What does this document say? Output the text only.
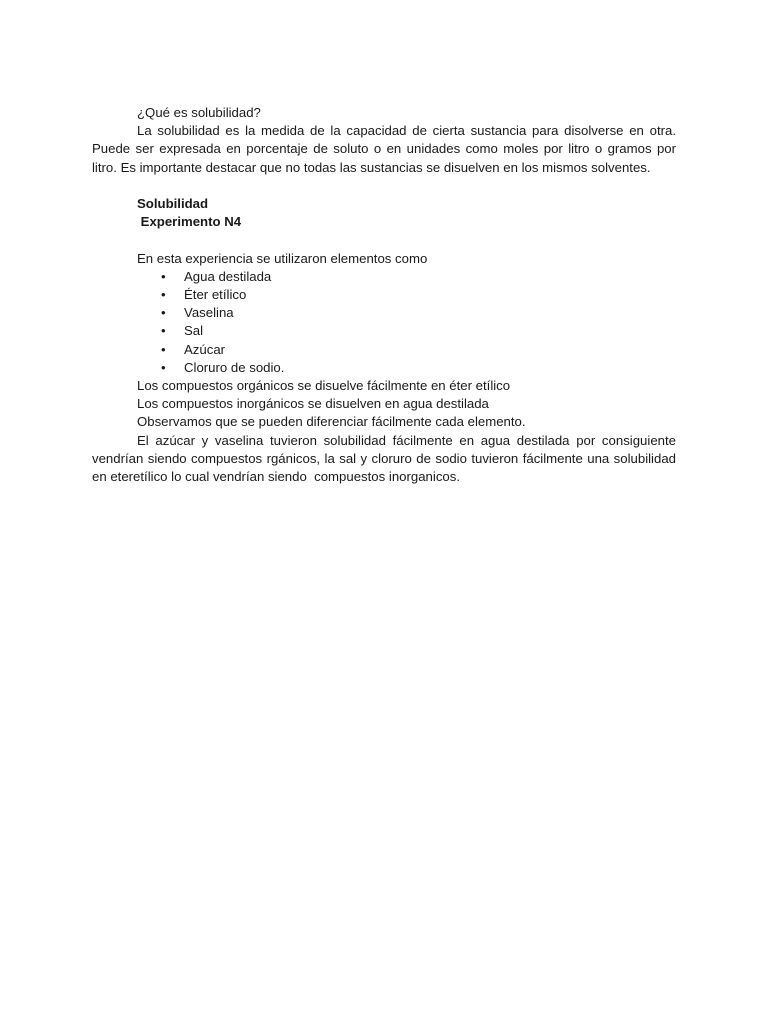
¿Qué es solubilidad?

La solubilidad es la medida de la capacidad de cierta sustancia para disolverse en otra. Puede ser expresada en porcentaje de soluto o en unidades como moles por litro o gramos por litro. Es importante destacar que no todas las sustancias se disuelven en los mismos solventes.

Solubilidad

Experimento N4

En esta experiencia se utilizaron elementos como

• Agua destilada
• Éter etílico
• Vaselina
• Sal
• Azúcar
• Cloruro de sodio.

Los compuestos orgánicos se disuelve fácilmente en éter etílico

Los compuestos inorgánicos se disuelven en agua destilada

Observamos que se pueden diferenciar fácilmente cada elemento.

El azúcar y vaselina tuvieron solubilidad fácilmente en agua destilada por consiguiente vendrían siendo compuestos rgánicos, la sal y cloruro de sodio tuvieron fácilmente una solubilidad en eteretílico lo cual vendrían siendo  compuestos inorganicos.
